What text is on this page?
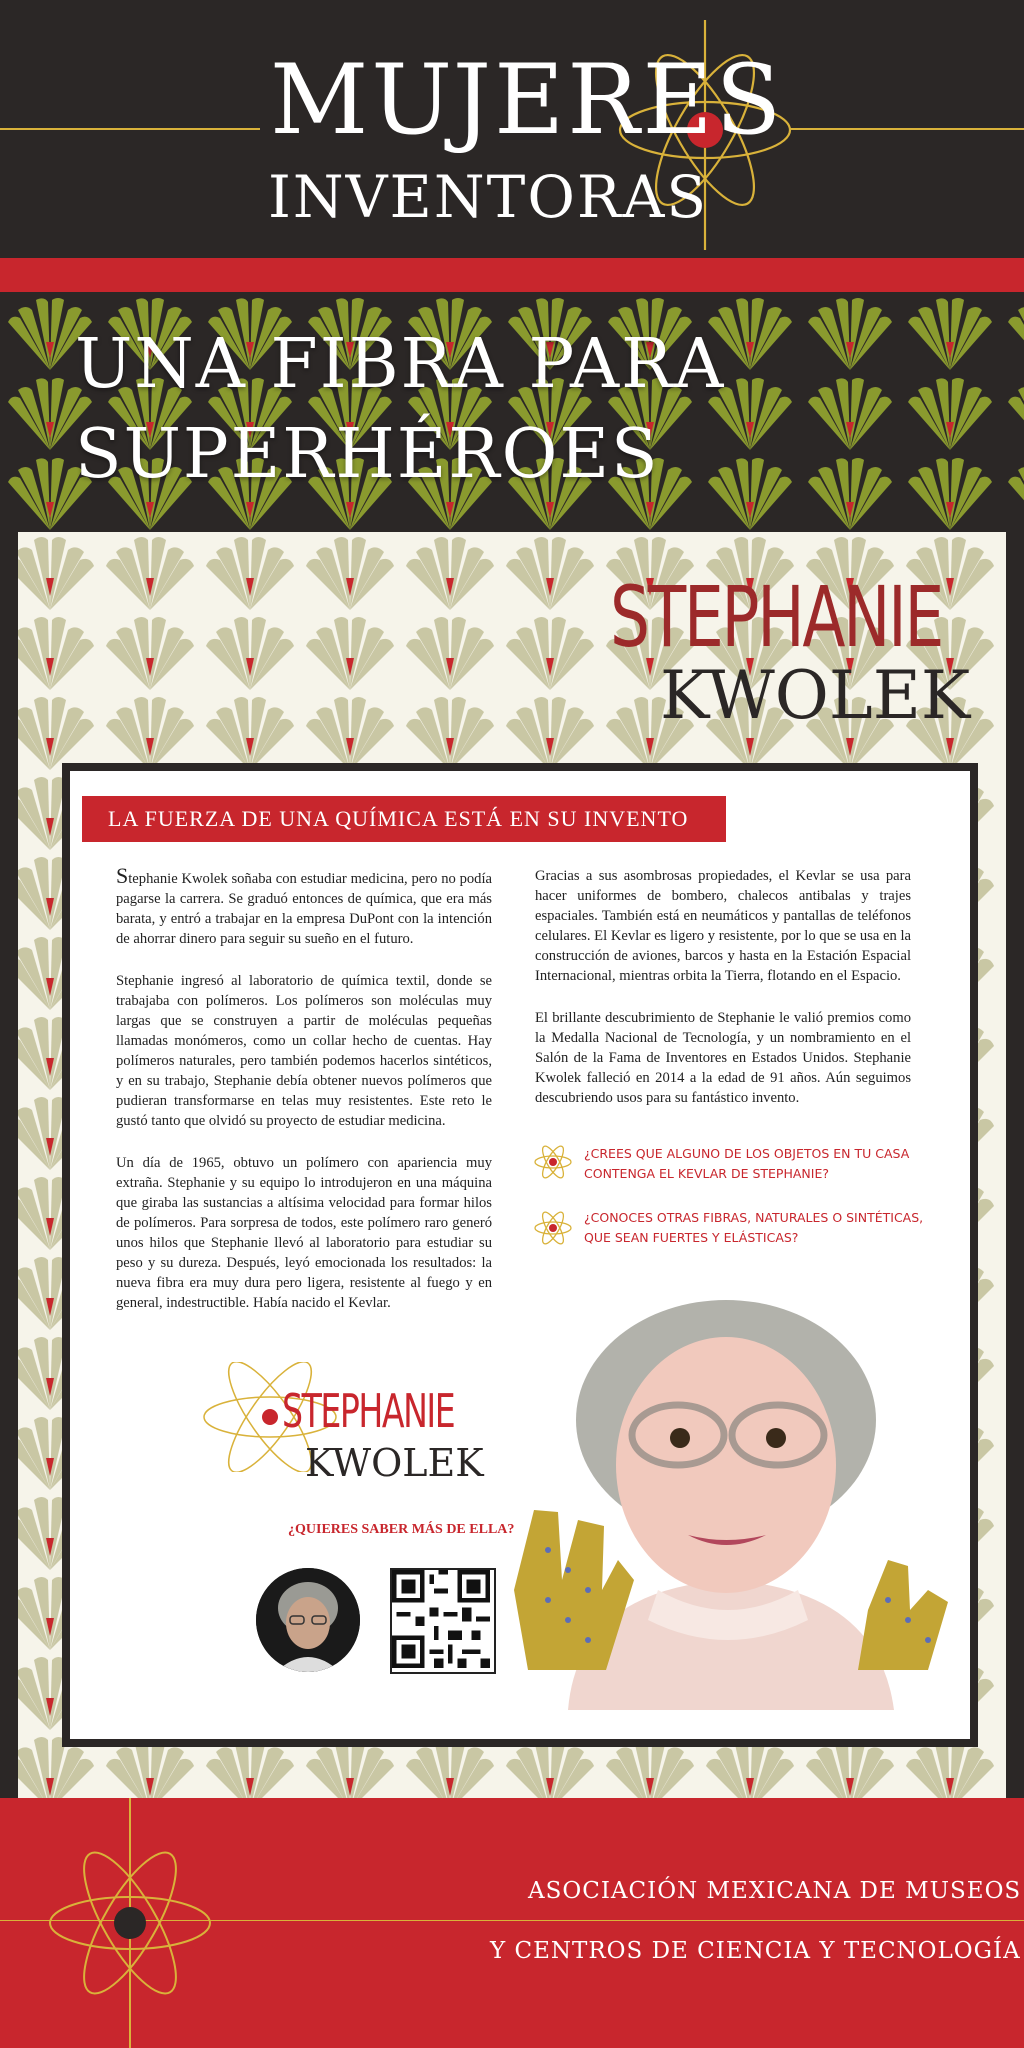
MUJERES
INVENTORAS
UNA FIBRA PARA
SUPERHÉROES
STEPHANIE
KWOLEK
LA FUERZA DE UNA QUÍMICA ESTÁ EN SU INVENTO

Stephanie Kwolek soñaba con estudiar medicina, pero no podía pagarse la carrera. Se graduó entonces de química, que era más barata, y entró a trabajar en la empresa DuPont con la intención de ahorrar dinero para seguir su sueño en el futuro.

Stephanie ingresó al laboratorio de química textil, donde se trabajaba con polímeros. Los polímeros son moléculas muy largas que se construyen a partir de moléculas pequeñas llamadas monómeros, como un collar hecho de cuentas. Hay polímeros naturales, pero también podemos hacerlos sintéticos, y en su trabajo, Stephanie debía obtener nuevos polímeros que pudieran transformarse en telas muy resistentes. Este reto le gustó tanto que olvidó su proyecto de estudiar medicina.

Un día de 1965, obtuvo un polímero con apariencia muy extraña. Stephanie y su equipo lo introdujeron en una máquina que giraba las sustancias a altísima velocidad para formar hilos de polímeros. Para sorpresa de todos, este polímero raro generó unos hilos que Stephanie llevó al laboratorio para estudiar su peso y su dureza. Después, leyó emocionada los resultados: la nueva fibra era muy dura pero ligera, resistente al fuego y en general, indestructible. Había nacido el Kevlar.

Gracias a sus asombrosas propiedades, el Kevlar se usa para hacer uniformes de bombero, chalecos antibalas y trajes espaciales. También está en neumáticos y pantallas de teléfonos celulares. El Kevlar es ligero y resistente, por lo que se usa en la construcción de aviones, barcos y hasta en la Estación Espacial Internacional, mientras orbita la Tierra, flotando en el Espacio.

El brillante descubrimiento de Stephanie le valió premios como la Medalla Nacional de Tecnología, y un nombramiento en el Salón de la Fama de Inventores en Estados Unidos. Stephanie Kwolek falleció en 2014 a la edad de 91 años. Aún seguimos descubriendo usos para su fantástico invento.

¿CREES QUE ALGUNO DE LOS OBJETOS EN TU CASA
CONTENGA EL KEVLAR DE STEPHANIE?
¿CONOCES OTRAS FIBRAS, NATURALES O SINTÉTICAS,
QUE SEAN FUERTES Y ELÁSTICAS?
STEPHANIE
KWOLEK
¿QUIERES SABER MÁS DE ELLA?
ASOCIACIÓN MEXICANA DE MUSEOS
Y CENTROS DE CIENCIA Y TECNOLOGÍA
